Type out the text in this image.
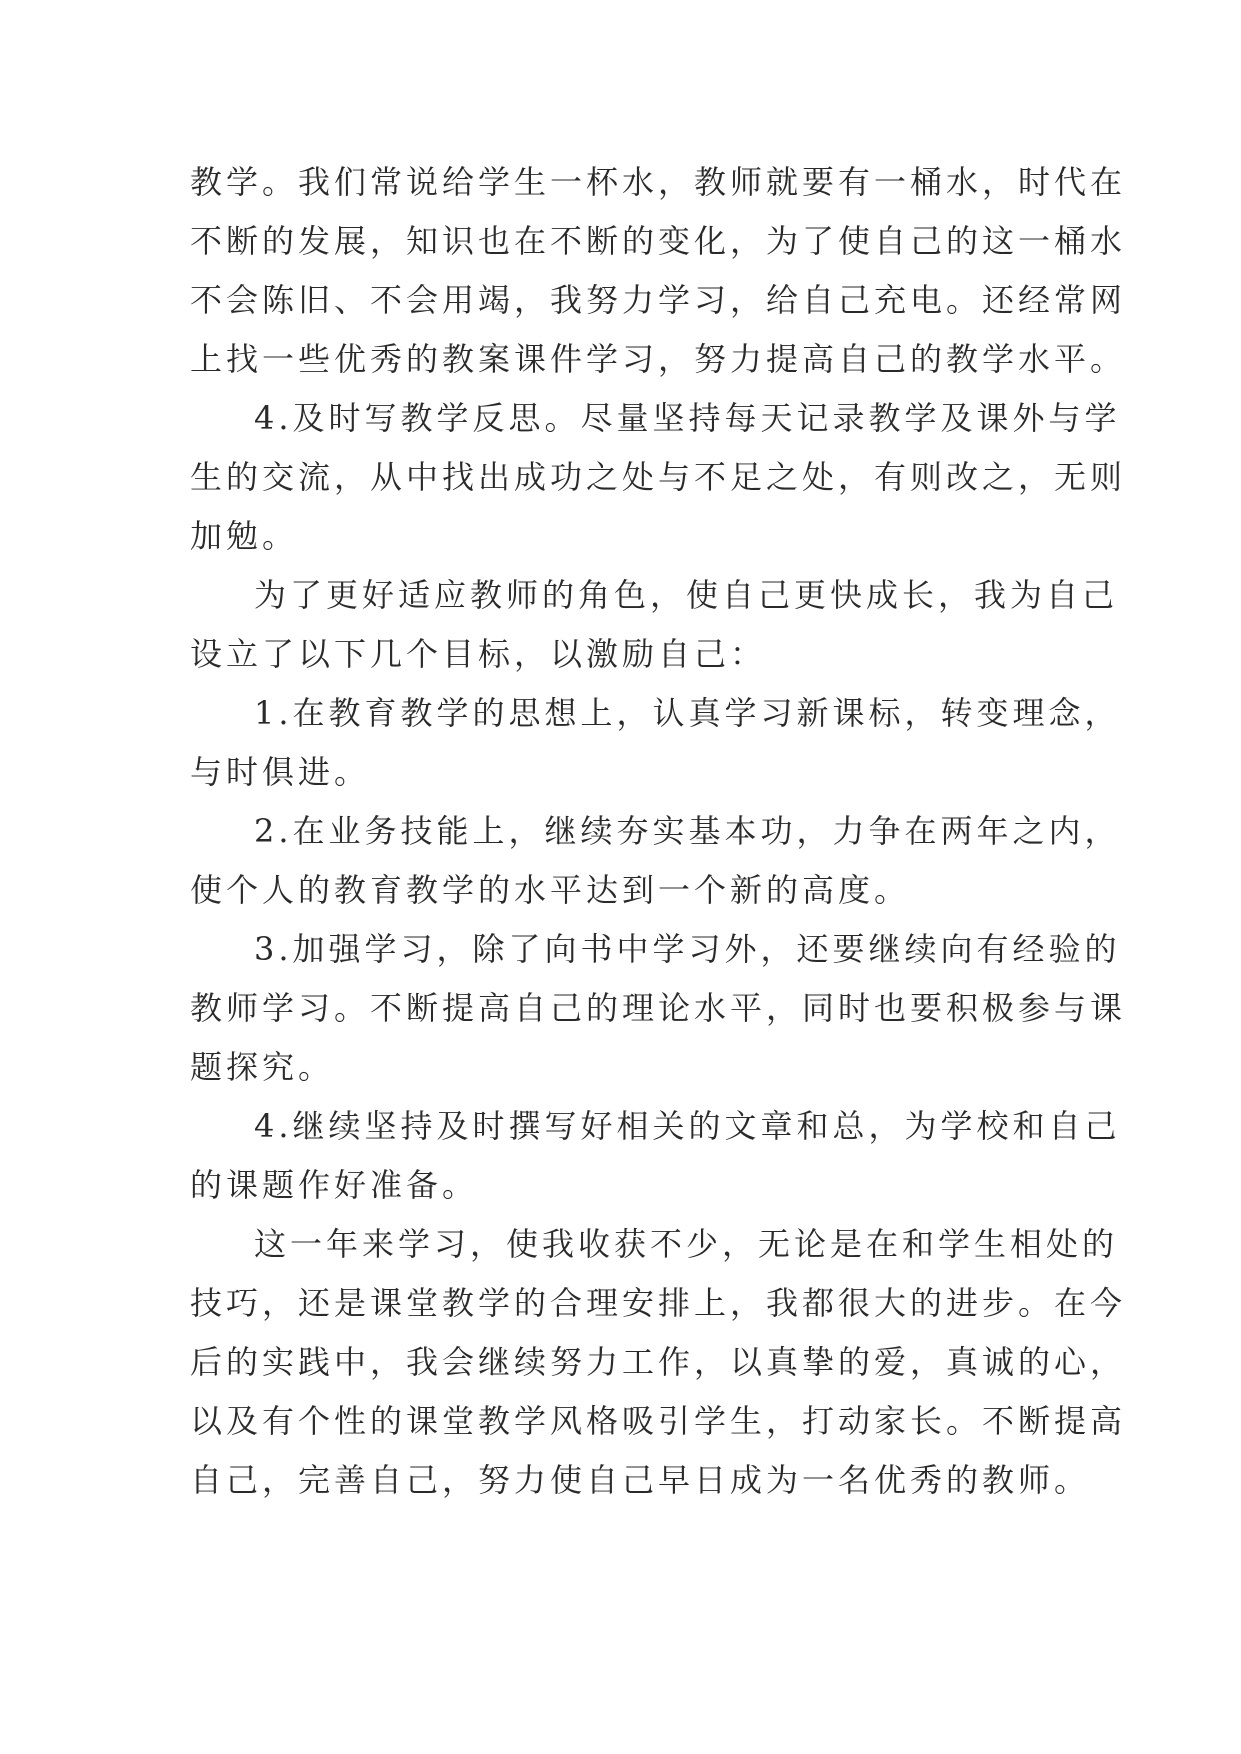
教学。我们常说给学生一杯水，教师就要有一桶水，时代在
不断的发展，知识也在不断的变化，为了使自己的这一桶水
不会陈旧、不会用竭，我努力学习，给自己充电。还经常网
上找一些优秀的教案课件学习，努力提高自己的教学水平。
4.及时写教学反思。尽量坚持每天记录教学及课外与学
生的交流，从中找出成功之处与不足之处，有则改之，无则
加勉。
为了更好适应教师的角色，使自己更快成长，我为自己
设立了以下几个目标，以激励自己：
1.在教育教学的思想上，认真学习新课标，转变理念，
与时俱进。
2.在业务技能上，继续夯实基本功，力争在两年之内，
使个人的教育教学的水平达到一个新的高度。
3.加强学习，除了向书中学习外，还要继续向有经验的
教师学习。不断提高自己的理论水平，同时也要积极参与课
题探究。
4.继续坚持及时撰写好相关的文章和总，为学校和自己
的课题作好准备。
这一年来学习，使我收获不少，无论是在和学生相处的
技巧，还是课堂教学的合理安排上，我都很大的进步。在今
后的实践中，我会继续努力工作，以真挚的爱，真诚的心，
以及有个性的课堂教学风格吸引学生，打动家长。不断提高
自己，完善自己，努力使自己早日成为一名优秀的教师。
